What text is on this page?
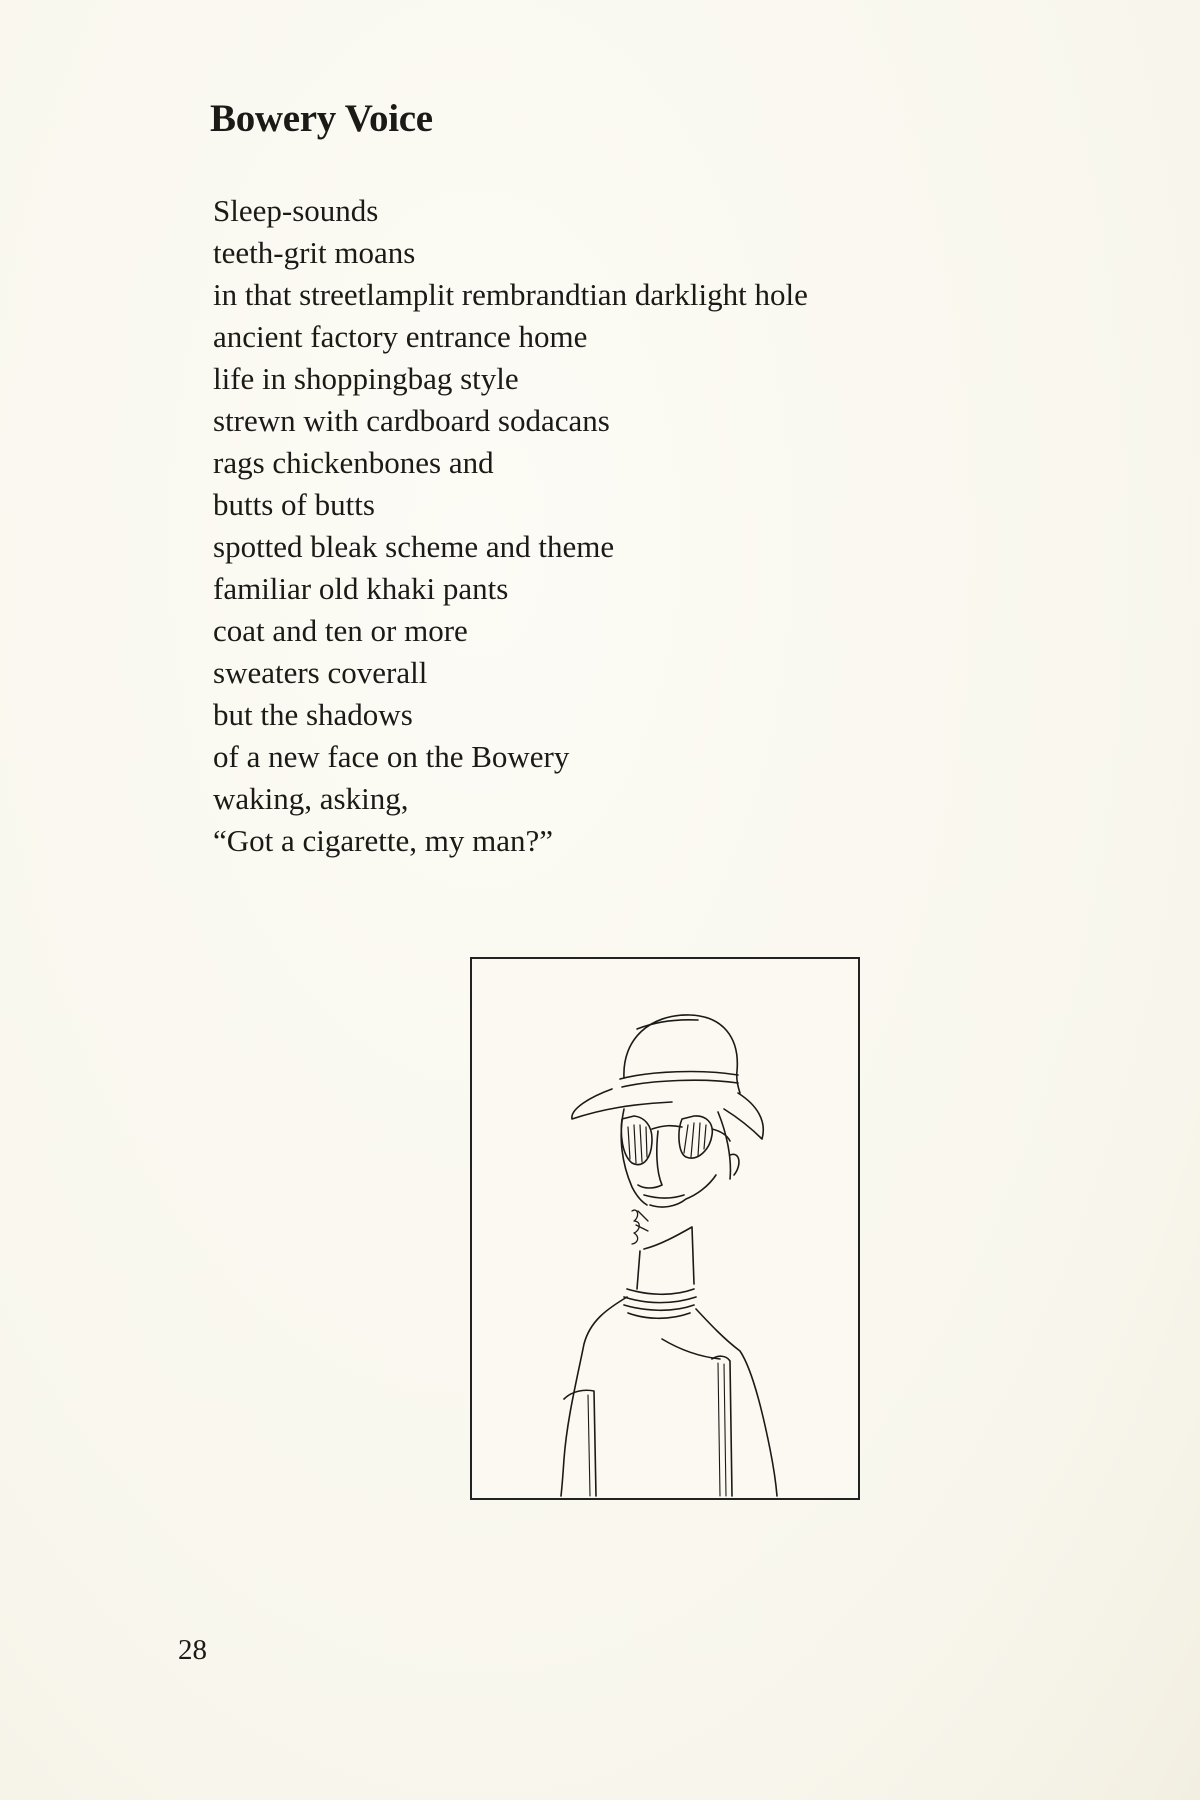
Bowery Voice
Sleep-sounds
teeth-grit moans
in that streetlamplit rembrandtian darklight hole
ancient factory entrance home
life in shoppingbag style
strewn with cardboard sodacans
rags chickenbones and
butts of butts
spotted bleak scheme and theme
familiar old khaki pants
coat and ten or more
sweaters coverall
but the shadows
of a new face on the Bowery
waking, asking,
“Got a cigarette, my man?”
28
